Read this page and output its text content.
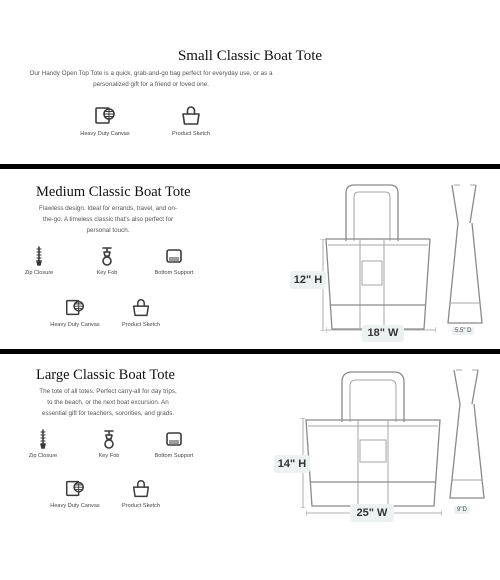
Small Classic Boat Tote
Our Handy Open Top Tote is a quick, grab-and-go bag perfect for everyday use, or as a personalized gift for a friend or loved one.
Heavy Duty Canvas	Product Sketch
Medium Classic Boat Tote
Flawless design. Ideal for errands, travel, and on-the-go. A timeless classic that's also perfect for personal touch.
Zip Closure	Key Fob	Bottom Support
Heavy Duty Canvas	Product Sketch
12" H
18" W	5.5" D
Large Classic Boat Tote
The tote of all totes. Perfect carry-all for day trips, to the beach, or the next boat excursion. An essential gift for teachers, sororities, and grads.
Zip Closure	Key Fob	Bottom Support
Heavy Duty Canvas	Product Sketch
14" H
25" W	9"D
